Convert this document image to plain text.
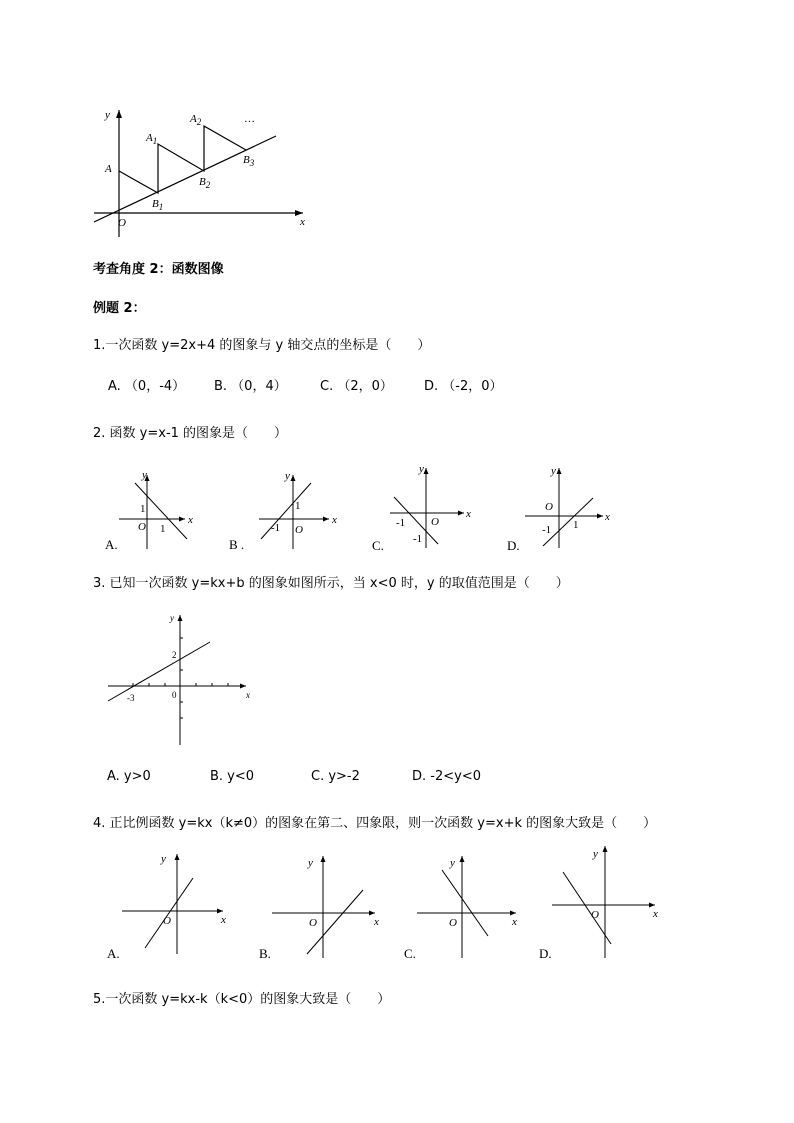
y
x
O
A
$A_1$
$A_2$
$B_1$
$B_2$
$B_3$
…
考查角度 2：函数图像
例题 2：
1.一次函数 y=2x+4 的图象与 y 轴交点的坐标是（　　）
A. （0，-4） B. （0，4）	C. （2，0） D. （-2，0）
2. 函数 y=x-1 的图象是（　　）
x
y
O
1
1
A.
x
y
O
1
-1
B .
x
y
O
-1
-1
C.
x
y
O
1
-1
D.
3. 已知一次函数 y=kx+b 的图象如图所示，当 x<0 时，y 的取值范围是（　　）
x
y
0
2
-3
A. y>0	B. y<0	C. y>-2	D. -2<y<0
4. 正比例函数 y=kx（k≠0）的图象在第二、四象限，则一次函数 y=x+k 的图象大致是（　　）
x
y
O
A.
x
y
O
B.
x
y
O
C.
x
y
O
D.
5.一次函数 y=kx-k（k<0）的图象大致是（　　）
